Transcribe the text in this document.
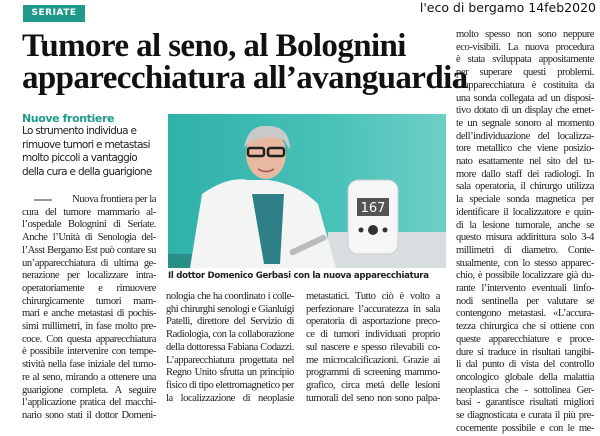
SERIATE	l'eco di bergamo 14feb2020
Tumore al seno, al Bolognini
apparecchiatura all’avanguardia
Nuove frontiere
Lo strumento individua e
rimuove tumori e metastasi
molto piccoli a vantaggio
della cura e della guarigione
167
Il dottor Domenico Gerbasi con la nuova apparecchiatura
Nuova frontiera per la
cura del tumore mammario al-
l’ospedale Bolognini di Seriate.
Anche l’Unità di Senologia del-
l’Asst Bergamo Est può contare su
un’apparecchiatura di ultima ge-
nerazione per localizzare intra-
operatoriamente e rimuovere
chirurgicamente tumori mam-
mari e anche metastasi di pochis-
simi millimetri, in fase molto pre-
coce. Con questa apparecchiatura
è possibile intervenire con tempe-
stività nella fase iniziale del tumo-
re al seno, mirando a ottenere una
guarigione completa. A seguire
l’applicazione pratica del macchi-
nario sono stati il dottor Domeni-
nologia che ha coordinato i colle-
ghi chirurghi senologi e Gianluigi
Patelli, direttore del Servizio di
Radiologia, con la collaborazione
della dottoressa Fabiana Codazzi.
L’apparecchiatura progettata nel
Regno Unito sfrutta un principio
fisico di tipo elettromagnetico per
la localizzazione di neoplasie
metastatici. Tutto ciò è volto a
perfezionare l’accuratezza in sala
operatoria di asportazione preco-
ce di tumori individuati proprio
sul nascere e spesso rilevabili co-
me microcalcificazioni. Grazie ai
programmi di screening mammo-
grafico, circa metà delle lesioni
tumorali del seno non sono palpa-
molto spesso non sono neppure
eco-visibili. La nuova procedura
è stata sviluppata appositamente
per superare questi problemi.
L’apparecchiatura è costituita da
una sonda collegata ad un disposi-
tivo dotato di un display che emet-
te un segnale sonoro al momento
dell’individuazione del localizza-
tore metallico che viene posizio-
nato esattamente nel sito del tu-
more dallo staff dei radiologi. In
sala operatoria, il chirurgo utilizza
la speciale sonda magnetica per
identificare il localizzatore e quin-
di la lesione tumorale, anche se
questo misura addirittura solo 3-4
millimetri di diametro. Conte-
stualmente, con lo stesso apparec-
chio, è possibile localizzare già du-
rante l’intervento eventuali linfo-
nodi sentinella per valutare se
contengono metastasi. «L’accura-
tezza chirurgica che si ottiene con
queste apparecchiature e proce-
dure si traduce in risultati tangibi-
li dal punto di vista del controllo
oncologico globale della malattia
neoplastica che - sottolinea Ger-
basi - garantisce risultati migliori
se diagnosticata e curata il più pre-
cocemente possibile e con le me-
